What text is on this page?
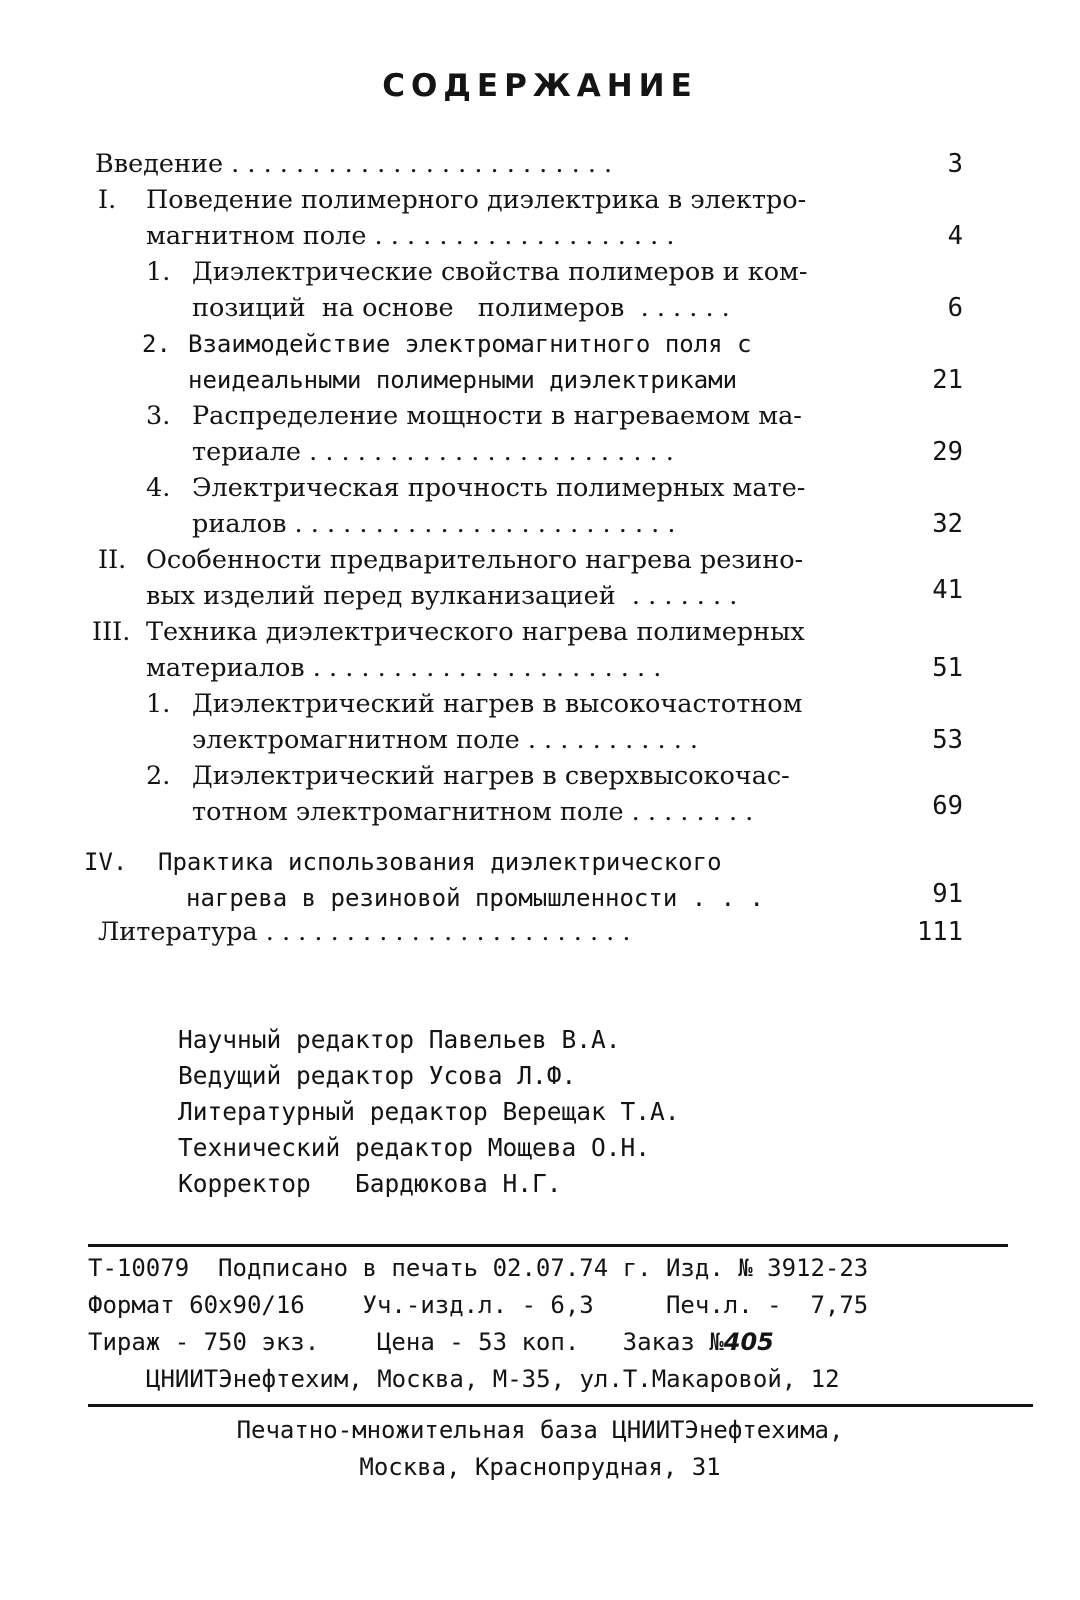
СОДЕРЖАНИЕ
Введение . . . . . . . . . . . . . . . . . . . . . . . .	3
I. Поведение полимерного диэлектрика в электро-
магнитном поле . . . . . . . . . . . . . . . . . . .	4
1. Диэлектрические свойства полимеров и ком-
позиций  на основе   полимеров  . . . . . .	6
2. Взаимодействие электромагнитного поля с
неидеальными полимерными диэлектриками	21
3. Распределение мощности в нагреваемом ма-
териале . . . . . . . . . . . . . . . . . . . . . . .	29
4. Электрическая прочность полимерных мате-
риалов . . . . . . . . . . . . . . . . . . . . . . . .	32
II. Особенности предварительного нагрева резино-
вых изделий перед вулканизацией  . . . . . . .	41
III. Техника диэлектрического нагрева полимерных
материалов . . . . . . . . . . . . . . . . . . . . . .	51
1. Диэлектрический нагрев в высокочастотном
электромагнитном поле . . . . . . . . . . .	53
2. Диэлектрический нагрев в сверхвысокочас-
тотном электромагнитном поле . . . . . . . .	69
IV. Практика использования диэлектрического
нагрева в резиновой промышленности . . .	91
Литература . . . . . . . . . . . . . . . . . . . . . . .	111
Научный редактор Павельев В.А.
Ведущий редактор Усова Л.Ф.
Литературный редактор Верещак Т.А.
Технический редактор Мощева О.Н.
Корректор   Бардюкова Н.Г.
Т-10079  Подписано в печать 02.07.74 г. Изд. № 3912-23
Формат 60х90/16    Уч.-изд.л. - 6,3     Печ.л. -  7,75
Тираж - 750 экз.    Цена - 53 коп.   Заказ №405
ЦНИИТЭнефтехим, Москва, М-35, ул.Т.Макаровой, 12
Печатно-множительная база ЦНИИТЭнефтехима,
Москва, Краснопрудная, 31
